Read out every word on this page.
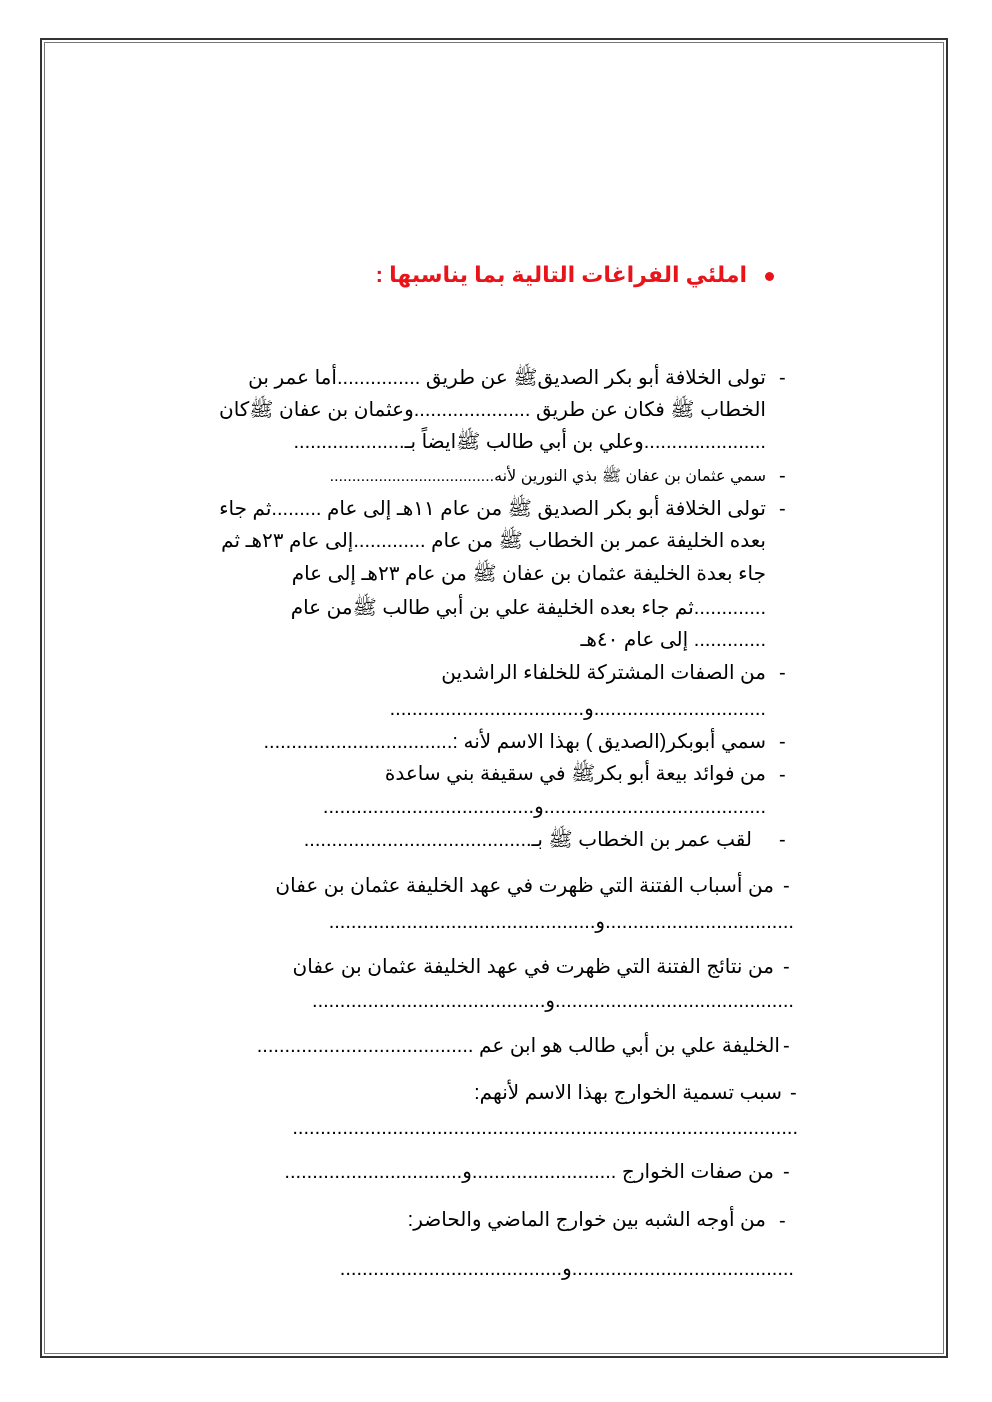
املئي الفراغات التالية بما يناسبها :
-
-
-
-
-
-
-
-
-
-
-
-
-
تولى الخلافة أبو بكر الصديقﷺ عن طريق ...............أما عمر بن
الخطاب ﷺ فكان عن طريق .....................وعثمان بن عفان ﷺكان
......................وعلي بن أبي طالب ﷺايضاً بـ....................
سمي عثمان بن عفان ﷺ بذي النورين لأنه.....................................
تولى الخلافة أبو بكر الصديق ﷺ من عام ١١هـ إلى عام .........ثم جاء
بعده الخليفة عمر بن الخطاب ﷺ من عام .............إلى عام ٢٣هـ ثم
جاء بعدة الخليفة عثمان بن عفان ﷺ من عام ٢٣هـ إلى عام
.............ثم جاء بعده الخليفة علي بن أبي طالب ﷺمن عام
............. إلى عام ٤٠هـ
من الصفات المشتركة للخلفاء الراشدين
...............................و...................................
سمي أبوبكر(الصديق ) بهذا الاسم لأنه :..................................
من فوائد بيعة أبو بكرﷺ في سقيفة بني ساعدة
........................................و......................................
لقب عمر بن الخطاب ﷺ بـ.........................................
من أسباب الفتنة التي ظهرت في عهد الخليفة عثمان بن عفان
..................................و................................................
من نتائج الفتنة التي ظهرت في عهد الخليفة عثمان بن عفان
...........................................و..........................................
الخليفة علي بن أبي طالب هو ابن عم .......................................
سبب تسمية الخوارج بهذا الاسم لأنهم:
...........................................................................................
من صفات الخوارج ..........................و................................
من أوجه الشبه بين خوارج الماضي والحاضر:
........................................و........................................
